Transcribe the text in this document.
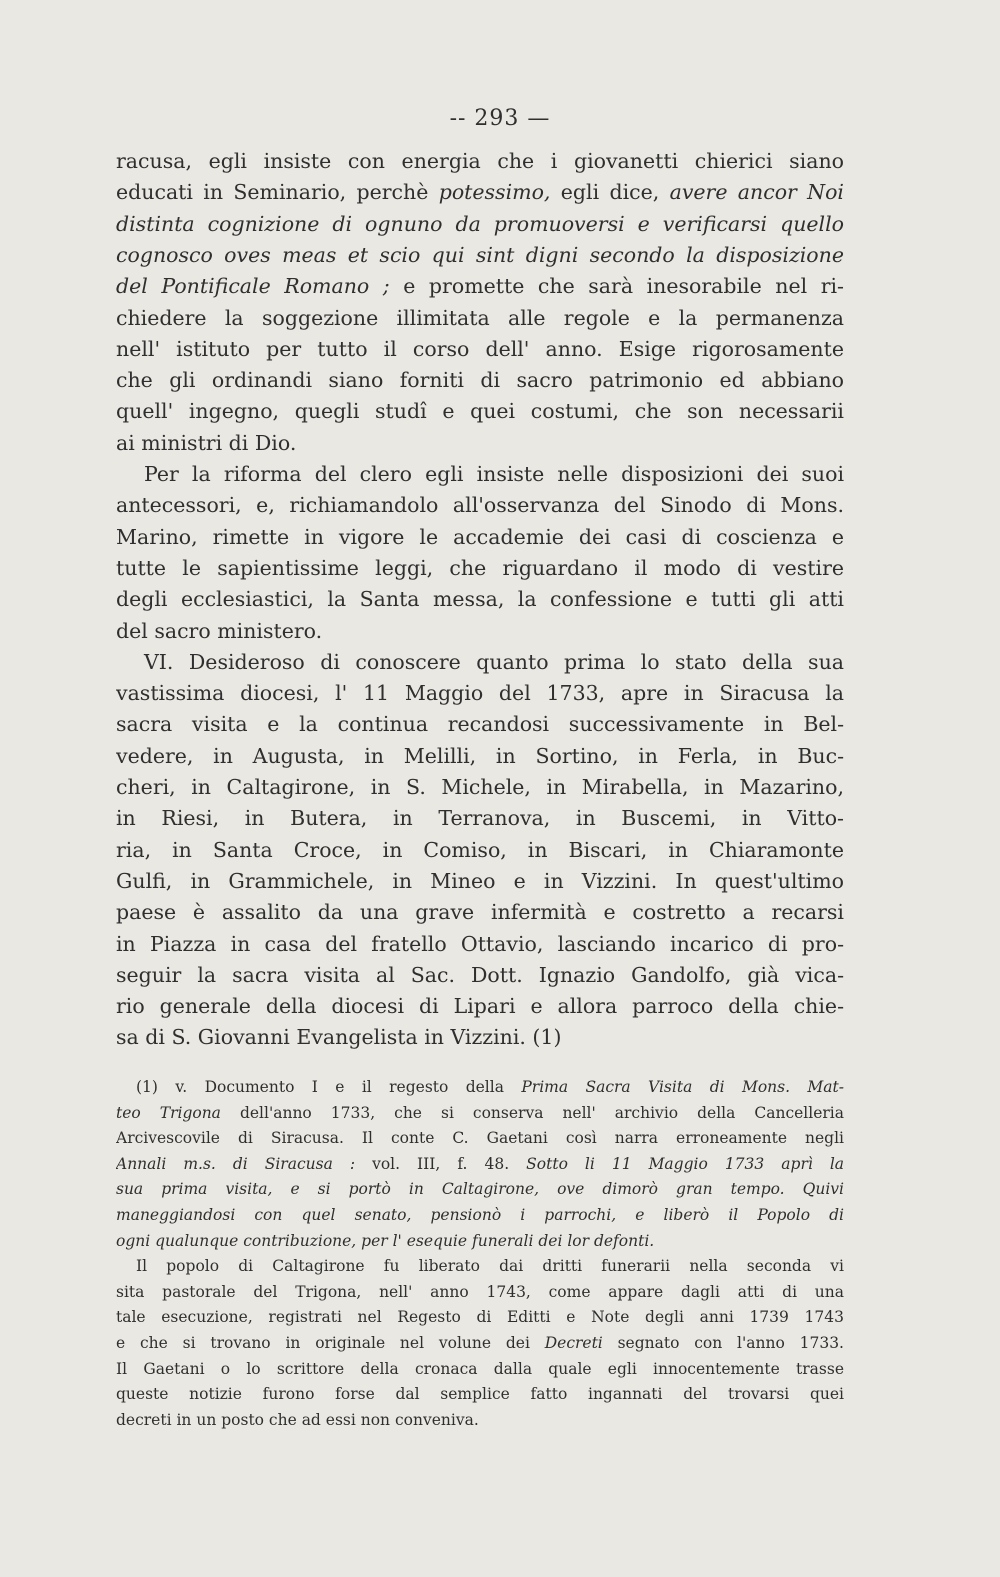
-- 293 —
racusa, egli insiste con energia che i giovanetti chierici siano
educati in Seminario, perchè potessimo, egli dice, avere ancor Noi
distinta cognizione di ognuno da promuoversi e verificarsi quello
cognosco oves meas et scio qui sint digni secondo la disposizione
del Pontificale Romano ; e promette che sarà inesorabile nel ri-
chiedere la soggezione illimitata alle regole e la permanenza
nell' istituto per tutto il corso dell' anno. Esige rigorosamente
che gli ordinandi siano forniti di sacro patrimonio ed abbiano
quell' ingegno, quegli studî e quei costumi, che son necessarii
ai ministri di Dio.
Per la riforma del clero egli insiste nelle disposizioni dei suoi
antecessori, e, richiamandolo all'osservanza del Sinodo di Mons.
Marino, rimette in vigore le accademie dei casi di coscienza e
tutte le sapientissime leggi, che riguardano il modo di vestire
degli ecclesiastici, la Santa messa, la confessione e tutti gli atti
del sacro ministero.
VI. Desideroso di conoscere quanto prima lo stato della sua
vastissima diocesi, l' 11 Maggio del 1733, apre in Siracusa la
sacra visita e la continua recandosi successivamente in Bel-
vedere, in Augusta, in Melilli, in Sortino, in Ferla, in Buc-
cheri, in Caltagirone, in S. Michele, in Mirabella, in Mazarino,
in Riesi, in Butera, in Terranova, in Buscemi, in Vitto-
ria, in Santa Croce, in Comiso, in Biscari, in Chiaramonte
Gulfi, in Grammichele, in Mineo e in Vizzini. In quest'ultimo
paese è assalito da una grave infermità e costretto a recarsi
in Piazza in casa del fratello Ottavio, lasciando incarico di pro-
seguir la sacra visita al Sac. Dott. Ignazio Gandolfo, già vica-
rio generale della diocesi di Lipari e allora parroco della chie-
sa di S. Giovanni Evangelista in Vizzini. (1)
(1) v. Documento I e il regesto della Prima Sacra Visita di Mons. Mat-
teo Trigona dell'anno 1733, che si conserva nell' archivio della Cancelleria
Arcivescovile di Siracusa. Il conte C. Gaetani così narra erroneamente negli
Annali m.s. di Siracusa : vol. III, f. 48. Sotto li 11 Maggio 1733 aprì la
sua prima visita, e si portò in Caltagirone, ove dimorò gran tempo. Quivi
maneggiandosi con quel senato, pensionò i parrochi, e liberò il Popolo di
ogni qualunque contribuzione, per l' esequie funerali dei lor defonti.
Il popolo di Caltagirone fu liberato dai dritti funerarii nella seconda vi
sita pastorale del Trigona, nell' anno 1743, come appare dagli atti di una
tale esecuzione, registrati nel Regesto di Editti e Note degli anni 1739 1743
e che si trovano in originale nel volune dei Decreti segnato con l'anno 1733.
Il Gaetani o lo scrittore della cronaca dalla quale egli innocentemente trasse
queste notizie furono forse dal semplice fatto ingannati del trovarsi quei
decreti in un posto che ad essi non conveniva.
